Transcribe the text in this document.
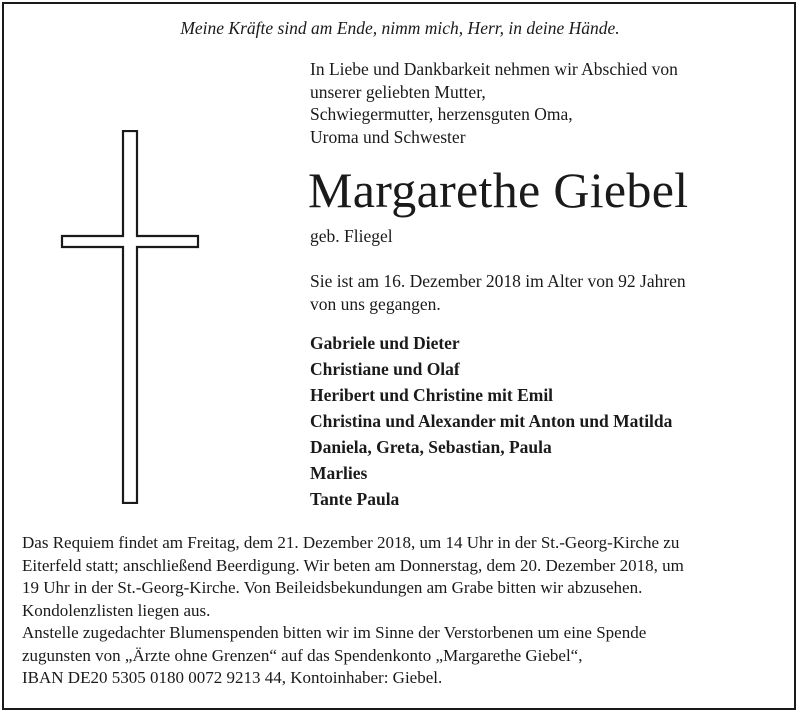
Meine Kräfte sind am Ende, nimm mich, Herr, in deine Hände.
In Liebe und Dankbarkeit nehmen wir Abschied von
unserer geliebten Mutter,
Schwiegermutter, herzensguten Oma,
Uroma und Schwester
Margarethe Giebel
geb. Fliegel
Sie ist am 16. Dezember 2018 im Alter von 92 Jahren
von uns gegangen.
Gabriele und Dieter
Christiane und Olaf
Heribert und Christine mit Emil
Christina und Alexander mit Anton und Matilda
Daniela, Greta, Sebastian, Paula
Marlies
Tante Paula
Das Requiem findet am Freitag, dem 21. Dezember 2018, um 14 Uhr in der St.-Georg-Kirche zu
Eiterfeld statt; anschließend Beerdigung. Wir beten am Donnerstag, dem 20. Dezember 2018, um
19 Uhr in der St.-Georg-Kirche. Von Beileidsbekundungen am Grabe bitten wir abzusehen.
Kondolenzlisten liegen aus.
Anstelle zugedachter Blumenspenden bitten wir im Sinne der Verstorbenen um eine Spende
zugunsten von „Ärzte ohne Grenzen“ auf das Spendenkonto „Margarethe Giebel“,
IBAN DE20 5305 0180 0072 9213 44, Kontoinhaber: Giebel.
